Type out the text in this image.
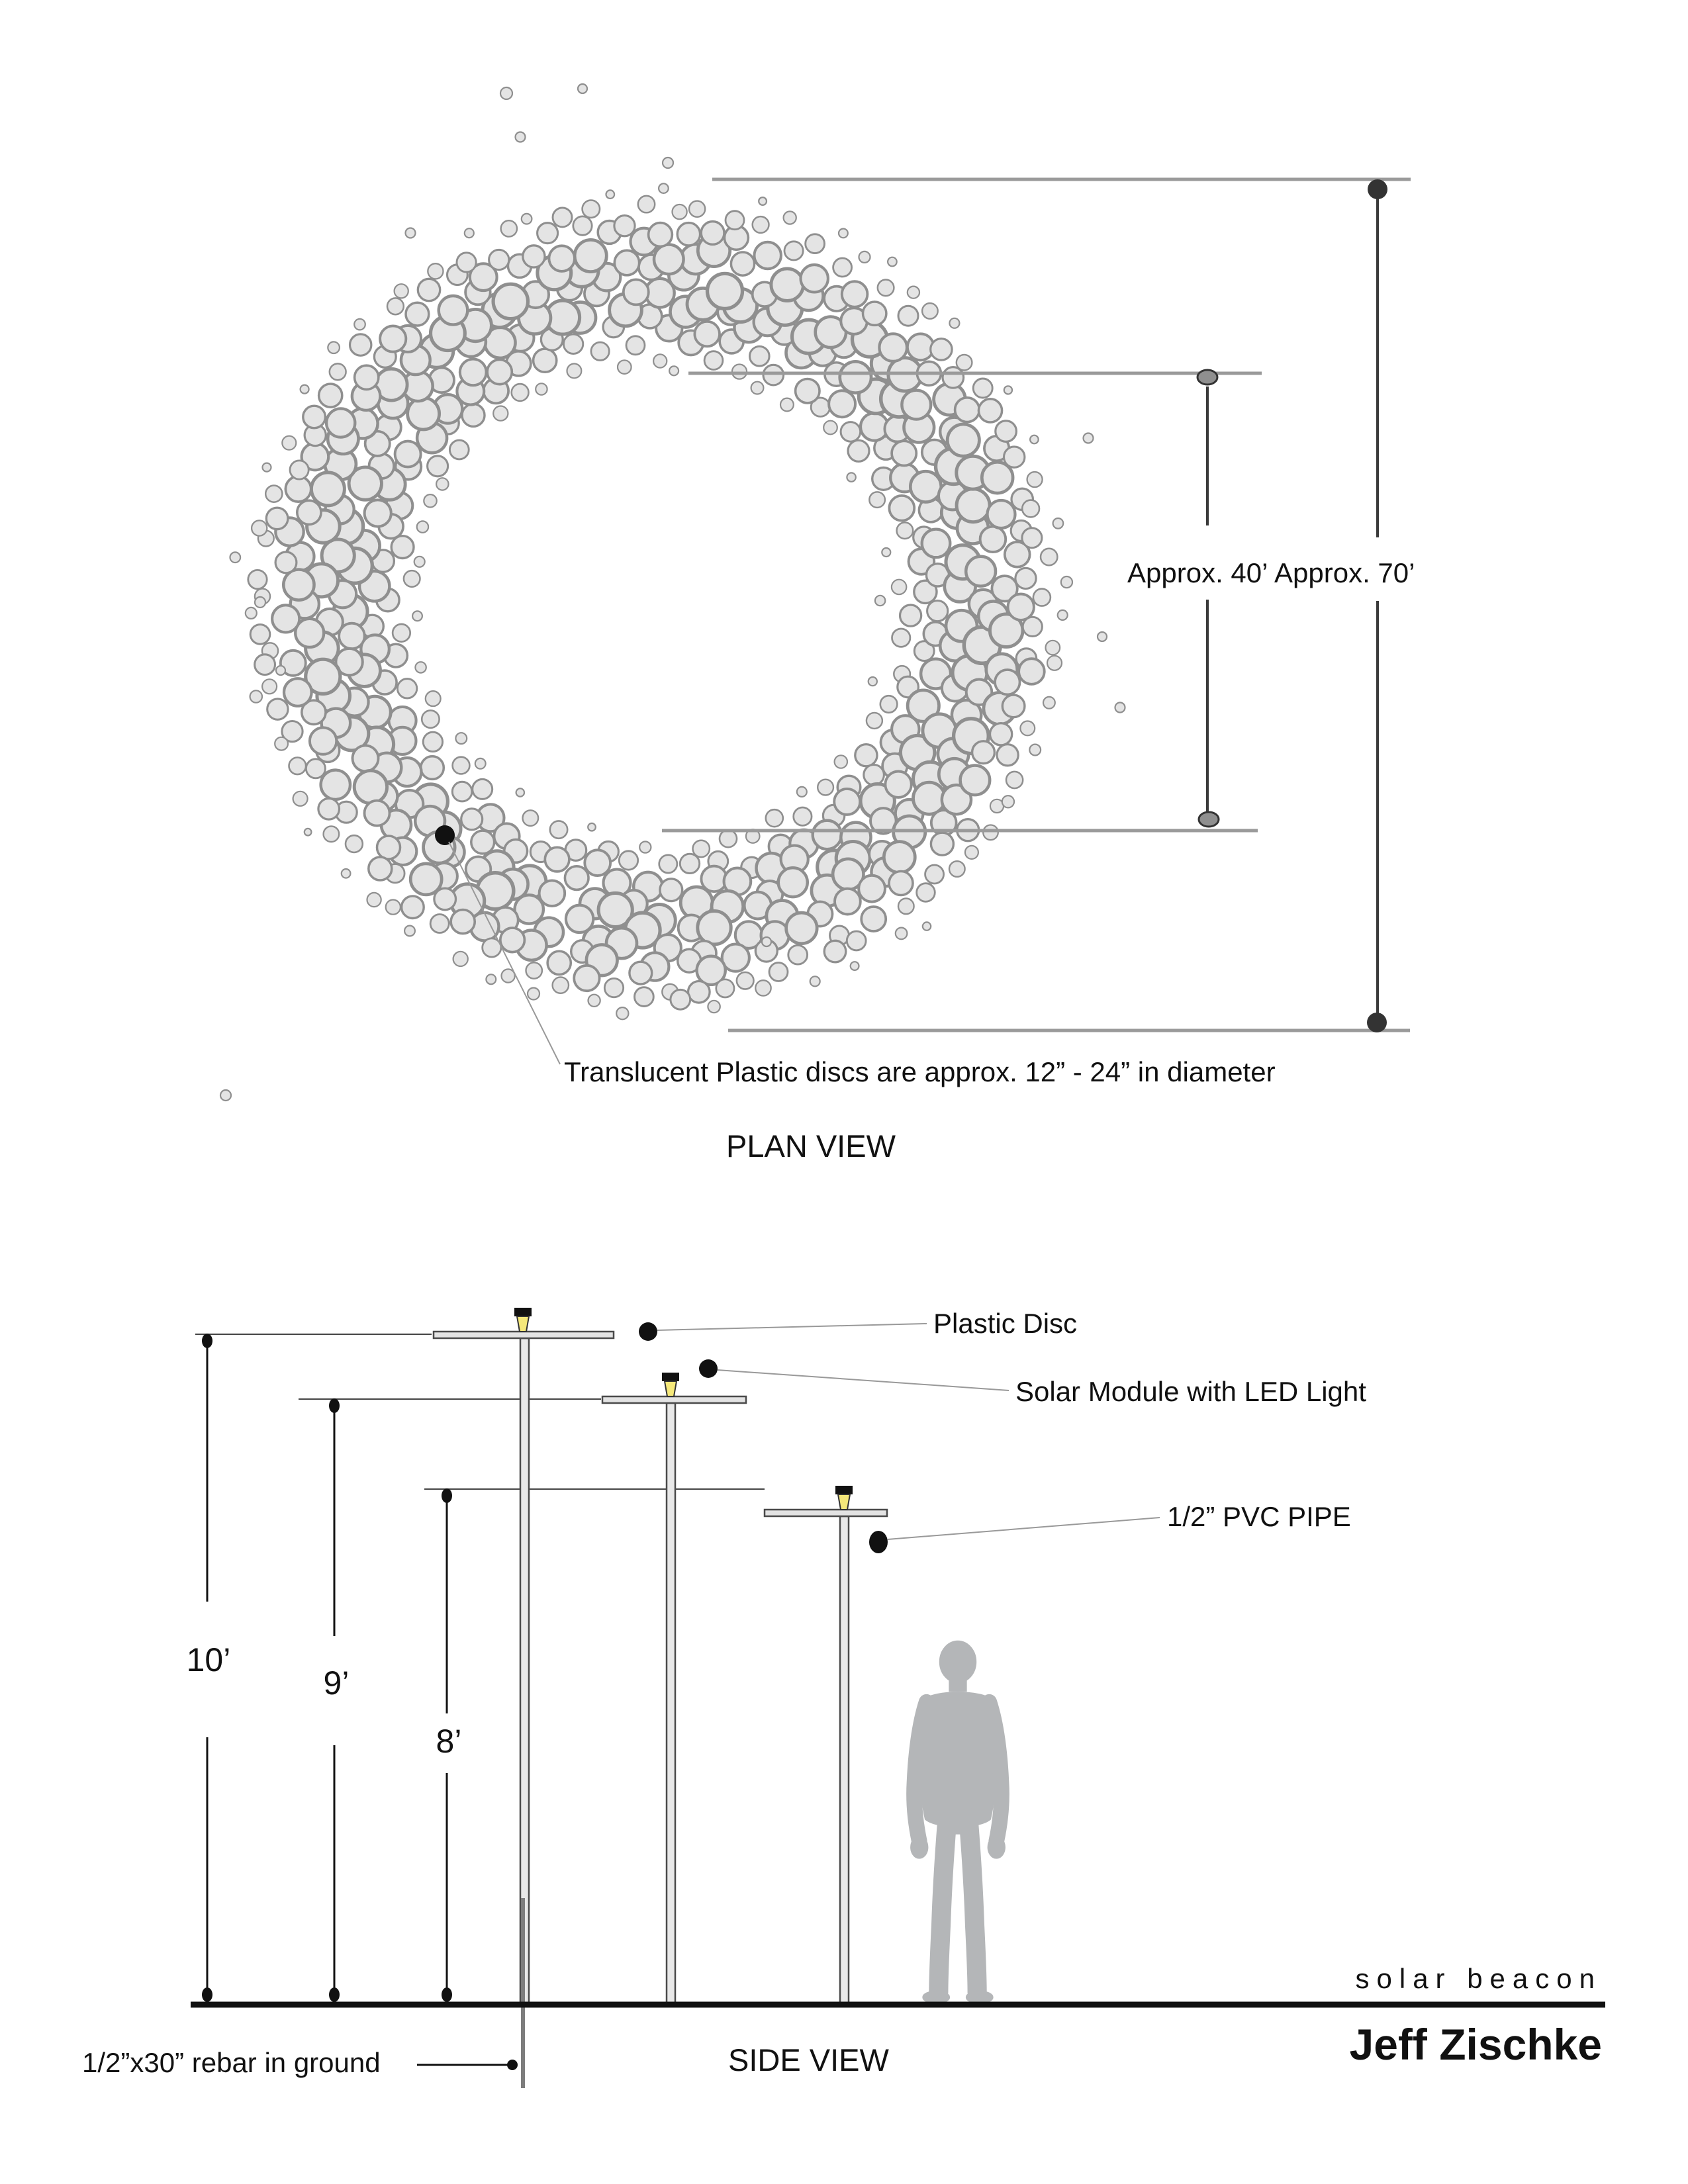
Approx. 40’ Approx. 70’
Translucent Plastic discs are approx. 12” - 24” in diameter
PLAN VIEW
10’
9’
8’
Plastic Disc
Solar Module with LED Light
1/2” PVC PIPE
1/2”x30” rebar in ground	SIDE VIEW
solar beacon
Jeff Zischke
